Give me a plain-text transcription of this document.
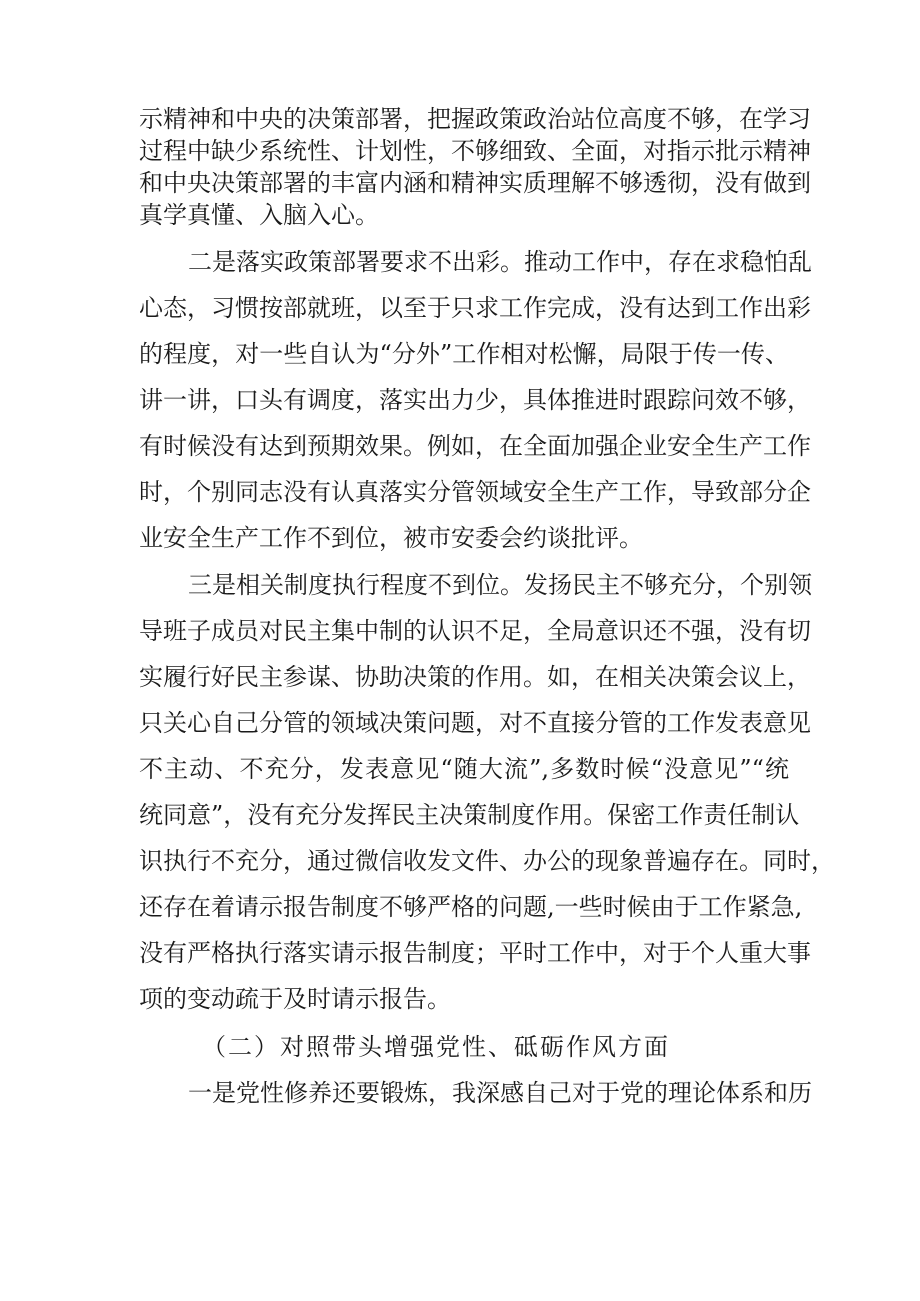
示精神和中央的决策部署，把握政策政治站位高度不够，在学习
过程中缺少系统性、计划性，不够细致、全面，对指示批示精神
和中央决策部署的丰富内涵和精神实质理解不够透彻，没有做到
真学真懂、入脑入心。
二是落实政策部署要求不出彩。推动工作中，存在求稳怕乱
心态，习惯按部就班，以至于只求工作完成，没有达到工作出彩
的程度，对一些自认为“分外”工作相对松懈，局限于传一传、
讲一讲，口头有调度，落实出力少，具体推进时跟踪问效不够，
有时候没有达到预期效果。例如，在全面加强企业安全生产工作
时，个别同志没有认真落实分管领域安全生产工作，导致部分企
业安全生产工作不到位，被市安委会约谈批评。
三是相关制度执行程度不到位。发扬民主不够充分，个别领
导班子成员对民主集中制的认识不足，全局意识还不强，没有切
实履行好民主参谋、协助决策的作用。如，在相关决策会议上，
只关心自己分管的领域决策问题，对不直接分管的工作发表意见
不主动、不充分，发表意见“随大流”,多数时候“没意见”“统
统同意”，没有充分发挥民主决策制度作用。保密工作责任制认
识执行不充分，通过微信收发文件、办公的现象普遍存在。同时，
还存在着请示报告制度不够严格的问题,一些时候由于工作紧急,
没有严格执行落实请示报告制度；平时工作中，对于个人重大事
项的变动疏于及时请示报告。
（二）对照带头增强党性、砥砺作风方面
一是党性修养还要锻炼，我深感自己对于党的理论体系和历
